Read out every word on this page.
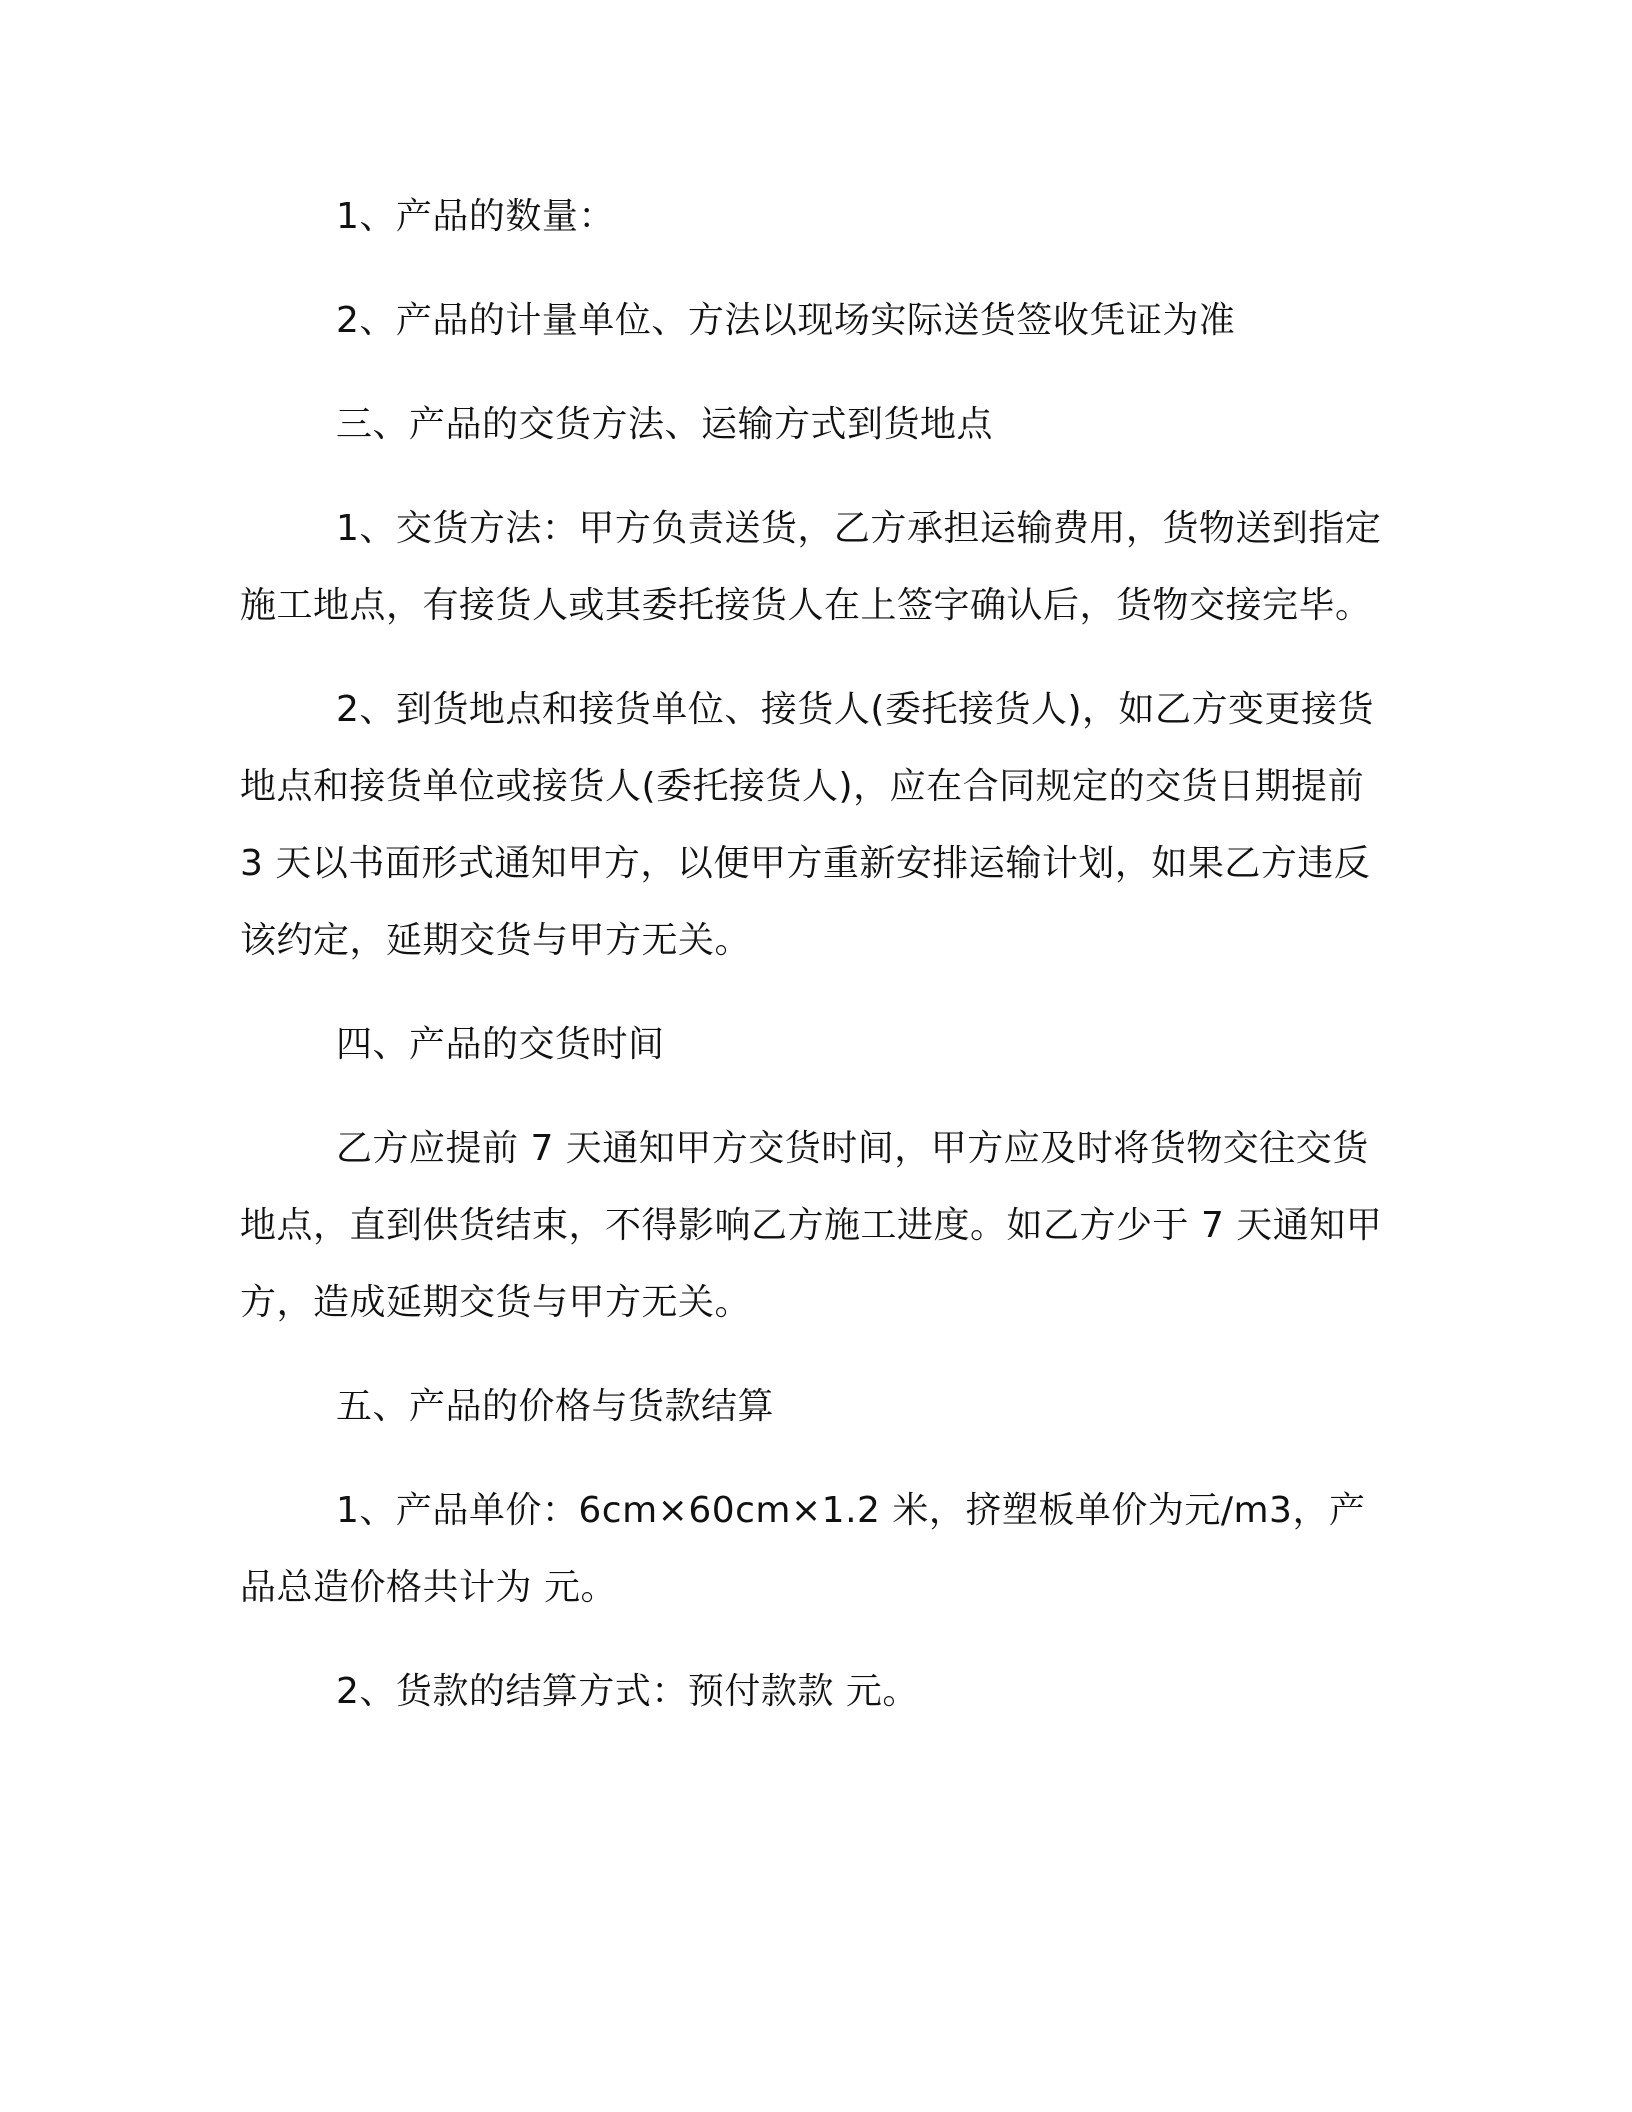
1、产品的数量：

2、产品的计量单位、方法以现场实际送货签收凭证为准

三、产品的交货方法、运输方式到货地点

1、交货方法：甲方负责送货，乙方承担运输费用，货物送到指定施工地点，有接货人或其委托接货人在上签字确认后，货物交接完毕。

2、到货地点和接货单位、接货人(委托接货人)，如乙方变更接货地点和接货单位或接货人(委托接货人)，应在合同规定的交货日期提前 3 天以书面形式通知甲方，以便甲方重新安排运输计划，如果乙方违反该约定，延期交货与甲方无关。

四、产品的交货时间

乙方应提前 7 天通知甲方交货时间，甲方应及时将货物交往交货地点，直到供货结束，不得影响乙方施工进度。如乙方少于 7 天通知甲方，造成延期交货与甲方无关。

五、产品的价格与货款结算

1、产品单价：6cm×60cm×1.2 米，挤塑板单价为元/m3，产品总造价格共计为 元。

2、货款的结算方式：预付款款 元。
